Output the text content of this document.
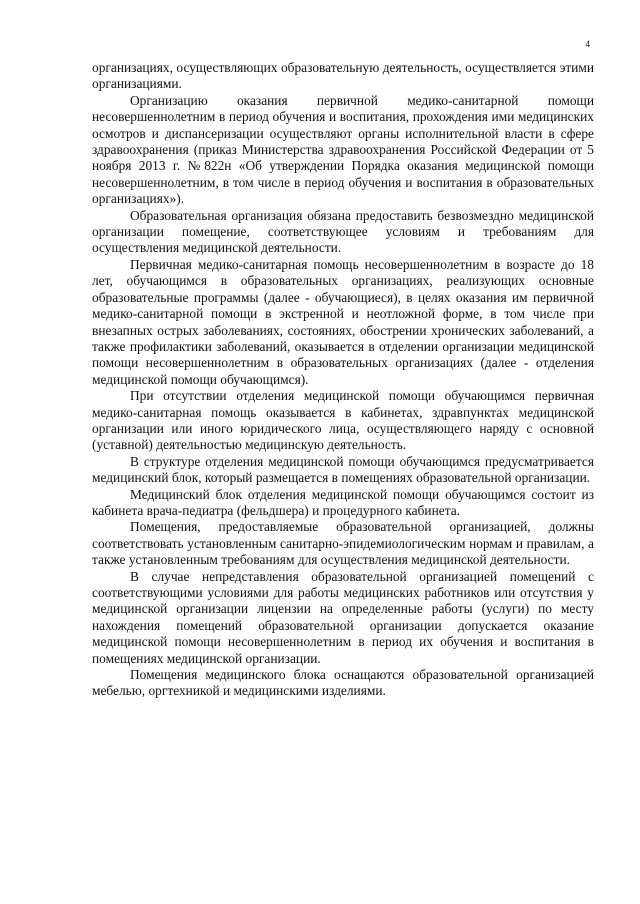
4

организациях, осуществляющих образовательную деятельность, осуществляется этими организациями.

Организацию оказания первичной медико-санитарной помощи несовершеннолетним в период обучения и воспитания, прохождения ими медицинских осмотров и диспансеризации осуществляют органы исполнительной власти в сфере здравоохранения (приказ Министерства здравоохранения Российской Федерации от 5 ноября 2013 г. №822н «Об утверждении Порядка оказания медицинской помощи несовершеннолетним, в том числе в период обучения и воспитания в образовательных организациях»).

Образовательная организация обязана предоставить безвозмездно медицинской организации помещение, соответствующее условиям и требованиям для осуществления медицинской деятельности.

Первичная медико-санитарная помощь несовершеннолетним в возрасте до 18 лет, обучающимся в образовательных организациях, реализующих основные образовательные программы (далее - обучающиеся), в целях оказания им первичной медико-санитарной помощи в экстренной и неотложной форме, в том числе при внезапных острых заболеваниях, состояниях, обострении хронических заболеваний, а также профилактики заболеваний, оказывается в отделении организации медицинской помощи несовершеннолетним в образовательных организациях (далее - отделения медицинской помощи обучающимся).

При отсутствии отделения медицинской помощи обучающимся первичная медико-санитарная помощь оказывается в кабинетах, здравпунктах медицинской организации или иного юридического лица, осуществляющего наряду с основной (уставной) деятельностью медицинскую деятельность.

В структуре отделения медицинской помощи обучающимся предусматривается медицинский блок, который размещается в помещениях образовательной организации.

Медицинский блок отделения медицинской помощи обучающимся состоит из кабинета врача-педиатра (фельдшера) и процедурного кабинета.

Помещения, предоставляемые образовательной организацией, должны соответствовать установленным санитарно-эпидемиологическим нормам и правилам, а также установленным требованиям для осуществления медицинской деятельности.

В случае непредставления образовательной организацией помещений с соответствующими условиями для работы медицинских работников или отсутствия у медицинской организации лицензии на определенные работы (услуги) по месту нахождения помещений образовательной организации допускается оказание медицинской помощи несовершеннолетним в период их обучения и воспитания в помещениях медицинской организации.

Помещения медицинского блока оснащаются образовательной организацией мебелью, оргтехникой и медицинскими изделиями.
